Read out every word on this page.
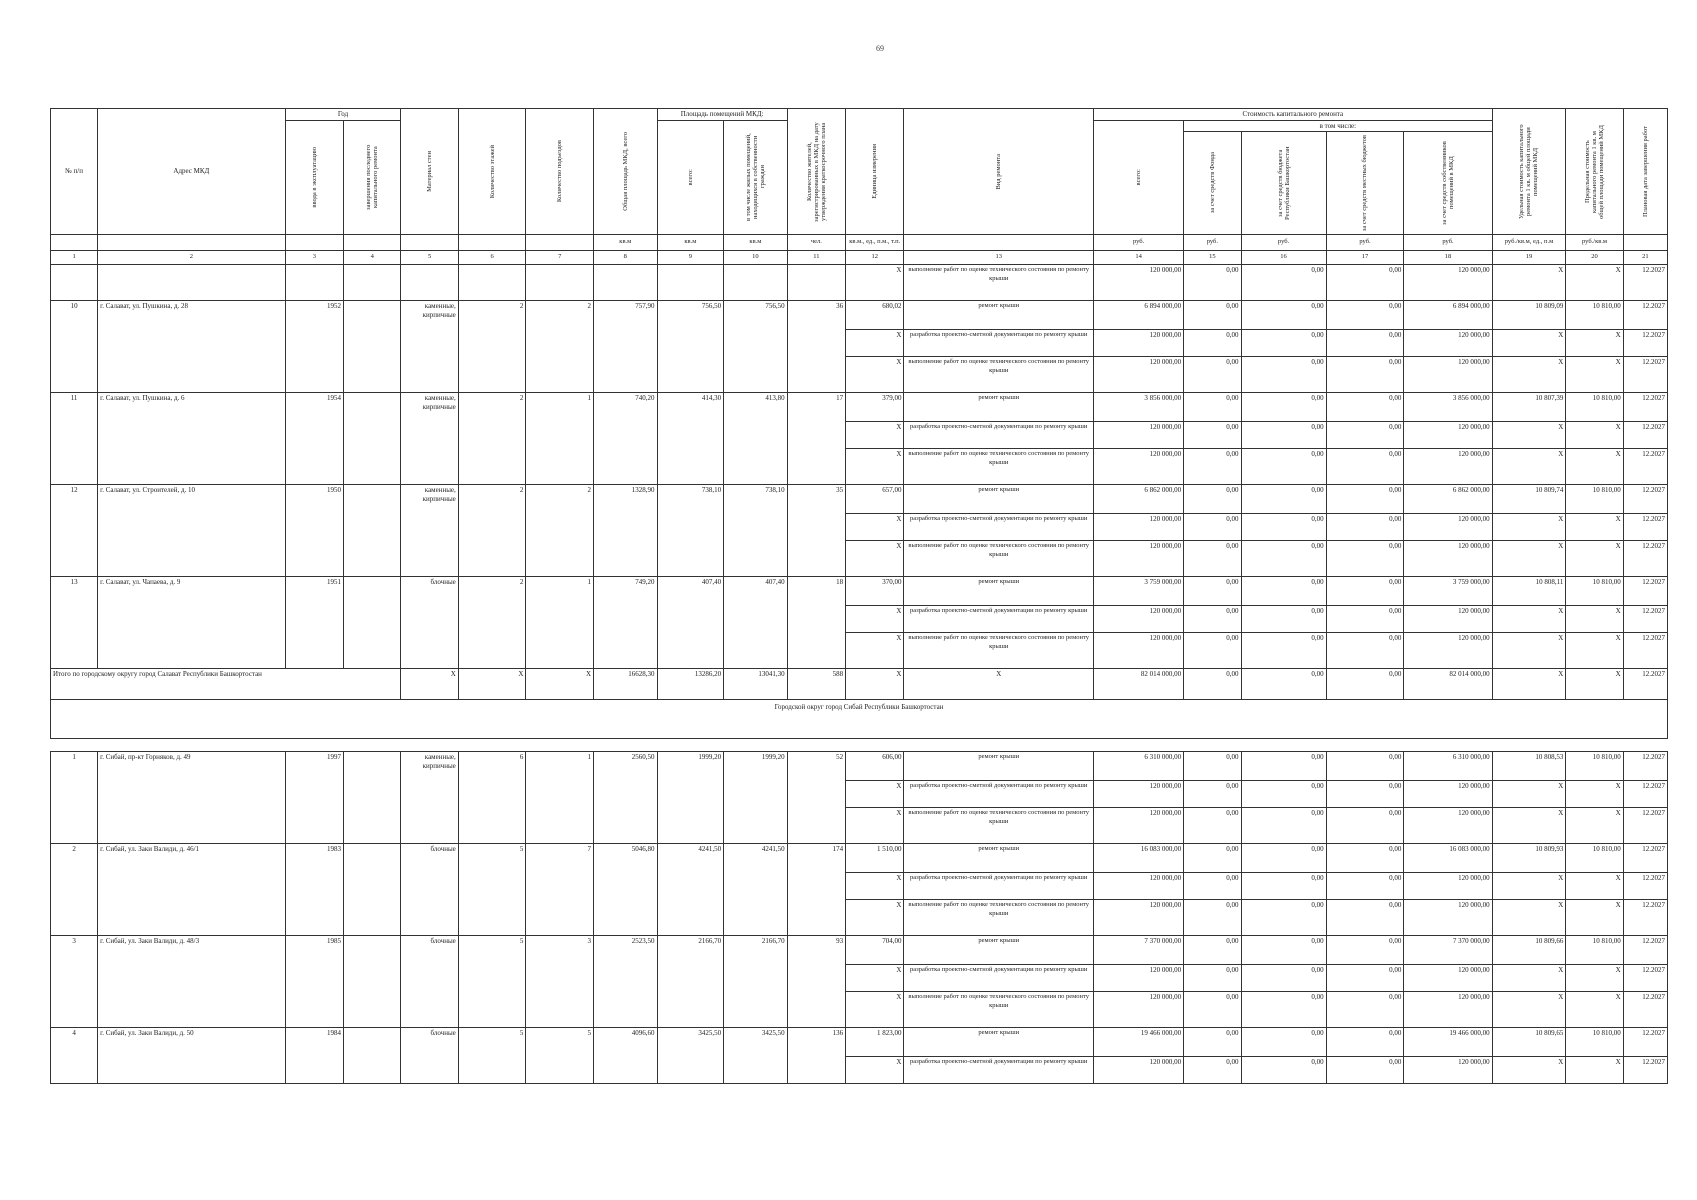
69
№ п/п	Адрес МКД	Год		Материал стен	Количество этажей	Количество подъездов	Общая площадь МКД, всего	Площадь помещений МКД:		Количество жителей, зарегистрированных в МКД на дату утверждения краткосрочного плана	Единица измерения	Вид ремонта	Стоимость капитального ремонта					Удельная стоимость капитального ремонта 1 кв. м общей площади помещений МКД	Предельная стоимость капитального ремонта 1 кв. м общей площади помещений МКД	Плановая дата завершения работ

		ввода в эксплуатацию	завершения последнего капитального ремонта					всего:	в том числе жилых помещений, находящихся в собственности граждан				всего:	в том числе:						

														за счет средств Фонда	за счет средств бюджета Республики Башкортостан	за счет средств местных бюджетов	за счет средств собственников помещений в МКД			

							кв.м	кв.м	кв.м	чел.	кв.м., ед., п.м., т.п.		руб.	руб.	руб.	руб.	руб.	руб./кв.м, ед., п.м	руб./кв.м	
1	2	3	4	5	6	7	8	9	10	11	12	13	14	15	16	17	18	19	20	21
											X	выполнение работ по оценке технического состояния по ремонту крыши	120 000,00	0,00	0,00	0,00	120 000,00	X	X	12.2027
10	г. Салават, ул. Пушкина, д. 28	1952		каменные, кирпичные	2	2	757,90	756,50	756,50	36	680,02	ремонт крыши	6 894 000,00	0,00	0,00	0,00	6 894 000,00	10 809,09	10 810,00	12.2027
											X	разработка проектно-сметной документации по ремонту крыши	120 000,00	0,00	0,00	0,00	120 000,00	X	X	12.2027
											X	выполнение работ по оценке технического состояния по ремонту крыши	120 000,00	0,00	0,00	0,00	120 000,00	X	X	12.2027
11	г. Салават, ул. Пушкина, д. 6	1954		каменные, кирпичные	2	1	740,20	414,30	413,80	17	379,00	ремонт крыши	3 856 000,00	0,00	0,00	0,00	3 856 000,00	10 807,39	10 810,00	12.2027
											X	разработка проектно-сметной документации по ремонту крыши	120 000,00	0,00	0,00	0,00	120 000,00	X	X	12.2027
											X	выполнение работ по оценке технического состояния по ремонту крыши	120 000,00	0,00	0,00	0,00	120 000,00	X	X	12.2027
12	г. Салават, ул. Строителей, д. 10	1950		каменные, кирпичные	2	2	1328,90	738,10	738,10	35	657,00	ремонт крыши	6 862 000,00	0,00	0,00	0,00	6 862 000,00	10 809,74	10 810,00	12.2027
											X	разработка проектно-сметной документации по ремонту крыши	120 000,00	0,00	0,00	0,00	120 000,00	X	X	12.2027
											X	выполнение работ по оценке технического состояния по ремонту крыши	120 000,00	0,00	0,00	0,00	120 000,00	X	X	12.2027
13	г. Салават, ул. Чапаева, д. 9	1951		блочные	2	1	749,20	407,40	407,40	18	370,00	ремонт крыши	3 759 000,00	0,00	0,00	0,00	3 759 000,00	10 808,11	10 810,00	12.2027
											X	разработка проектно-сметной документации по ремонту крыши	120 000,00	0,00	0,00	0,00	120 000,00	X	X	12.2027
											X	выполнение работ по оценке технического состояния по ремонту крыши	120 000,00	0,00	0,00	0,00	120 000,00	X	X	12.2027
Итого по городскому округу город Салават Республики Башкортостан				X	X	X	16628,30	13286,20	13041,30	588	X	X	82 014 000,00	0,00	0,00	0,00	82 014 000,00	X	X	12.2027
Городской округ город Сибай Республики Башкортостан																				

1	г. Сибай, пр-кт Горняков, д. 49	1997		каменные, кирпичные	6	1	2560,50	1999,20	1999,20	52	606,00	ремонт крыши	6 310 000,00	0,00	0,00	0,00	6 310 000,00	10 808,53	10 810,00	12.2027
											X	разработка проектно-сметной документации по ремонту крыши	120 000,00	0,00	0,00	0,00	120 000,00	X	X	12.2027
											X	выполнение работ по оценке технического состояния по ремонту крыши	120 000,00	0,00	0,00	0,00	120 000,00	X	X	12.2027
2	г. Сибай, ул. Заки Валиди, д. 46/1	1983		блочные	5	7	5046,80	4241,50	4241,50	174	1 510,00	ремонт крыши	16 083 000,00	0,00	0,00	0,00	16 083 000,00	10 809,93	10 810,00	12.2027
											X	разработка проектно-сметной документации по ремонту крыши	120 000,00	0,00	0,00	0,00	120 000,00	X	X	12.2027
											X	выполнение работ по оценке технического состояния по ремонту крыши	120 000,00	0,00	0,00	0,00	120 000,00	X	X	12.2027
3	г. Сибай, ул. Заки Валиди, д. 48/3	1985		блочные	5	3	2523,50	2166,70	2166,70	93	704,00	ремонт крыши	7 370 000,00	0,00	0,00	0,00	7 370 000,00	10 809,66	10 810,00	12.2027
											X	разработка проектно-сметной документации по ремонту крыши	120 000,00	0,00	0,00	0,00	120 000,00	X	X	12.2027
											X	выполнение работ по оценке технического состояния по ремонту крыши	120 000,00	0,00	0,00	0,00	120 000,00	X	X	12.2027
4	г. Сибай, ул. Заки Валиди, д. 50	1984		блочные	5	5	4096,60	3425,50	3425,50	136	1 823,00	ремонт крыши	19 466 000,00	0,00	0,00	0,00	19 466 000,00	10 809,65	10 810,00	12.2027
											X	разработка проектно-сметной документации по ремонту крыши	120 000,00	0,00	0,00	0,00	120 000,00	X	X	12.2027
